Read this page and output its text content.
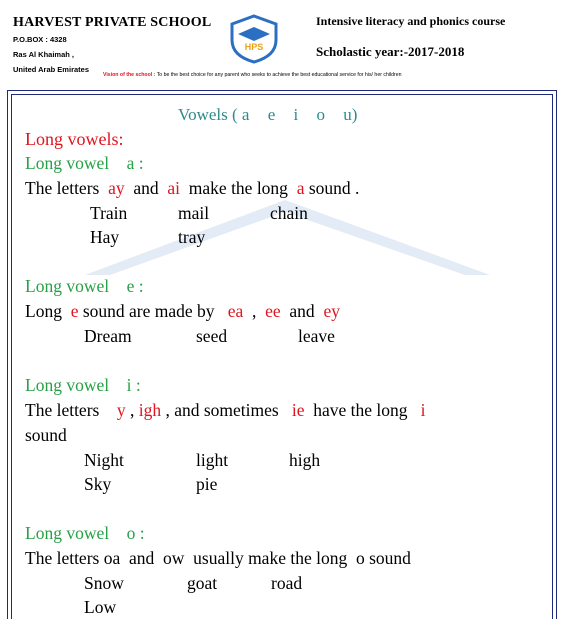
HARVEST PRIVATE SCHOOL
P.O.BOX : 4328
Ras Al Khaimah ,
United Arab Emirates
HPS
Intensive literacy and phonics course
Scholastic year:-2017-2018
Vision of the school : To be the best choice for any parent who seeks to achieve the best educational service for his/ her children
Vowels ( a e i o u)
Long vowels:
Long vowel    a :
The letters ay and ai make the long a sound .
Train	mail	chain
Hay	tray
Long vowel    e :
Long e sound are made by ea , ee and ey
Dream	seed	leave
Long vowel    i :
The letters y , igh , and sometimes ie have the long i
sound
Night	light	high
Sky	pie
Long vowel    o :
The letters oa  and  ow  usually make the long  o sound
Snow	goat	road
Low
